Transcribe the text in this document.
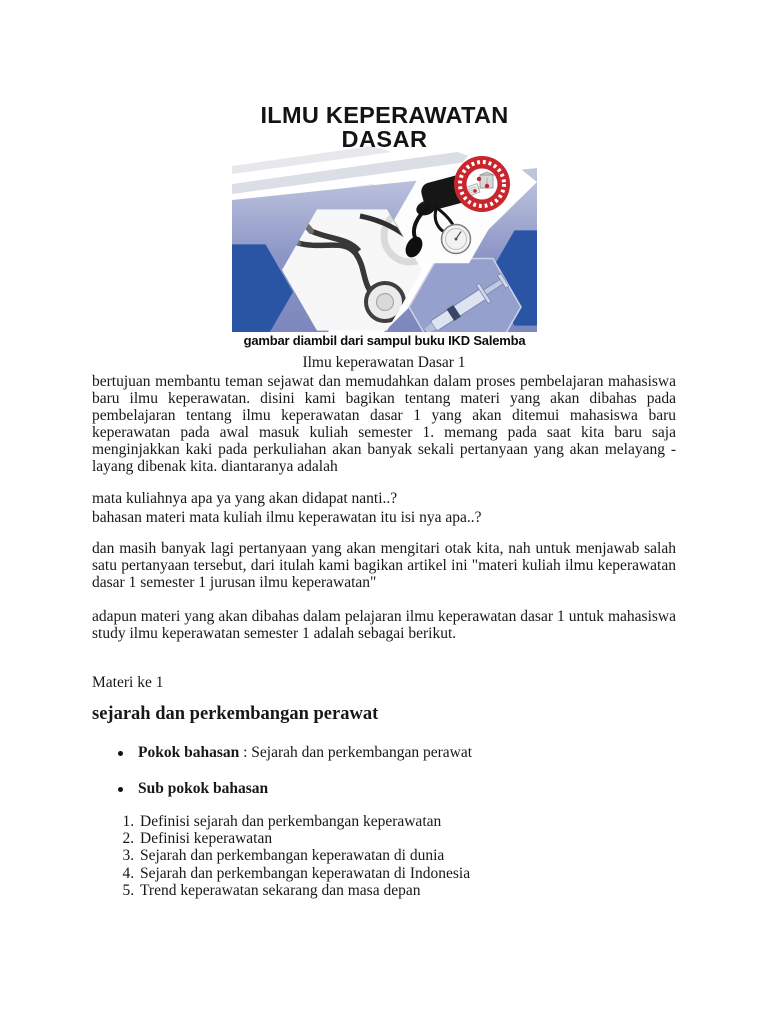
ILMU KEPERAWATAN
DASAR
gambar diambil dari sampul buku IKD Salemba
Ilmu keperawatan Dasar 1
bertujuan membantu teman sejawat dan memudahkan dalam proses pembelajaran mahasiswa baru ilmu keperawatan. disini kami bagikan tentang materi yang akan dibahas pada pembelajaran tentang ilmu keperawatan dasar 1 yang akan ditemui mahasiswa baru keperawatan pada awal masuk kuliah semester 1. memang pada saat kita baru saja menginjakkan kaki pada perkuliahan akan banyak sekali pertanyaan yang akan melayang - layang dibenak kita. diantaranya adalah
mata kuliahnya apa ya yang akan didapat nanti..?
bahasan materi mata kuliah ilmu keperawatan itu isi nya apa..?
dan masih banyak lagi pertanyaan yang akan mengitari otak kita, nah untuk menjawab salah satu pertanyaan tersebut, dari itulah kami bagikan artikel ini "materi kuliah ilmu keperawatan dasar 1 semester 1 jurusan ilmu keperawatan"
adapun materi yang akan dibahas dalam pelajaran ilmu keperawatan dasar 1 untuk mahasiswa study ilmu keperawatan semester 1 adalah sebagai berikut.
Materi ke 1
sejarah dan perkembangan perawat
Pokok bahasan : Sejarah dan perkembangan perawat
Sub pokok bahasan
1. Definisi sejarah dan perkembangan keperawatan
2. Definisi keperawatan
3. Sejarah dan perkembangan keperawatan di dunia
4. Sejarah dan perkembangan keperawatan di Indonesia
5. Trend keperawatan sekarang dan masa depan
